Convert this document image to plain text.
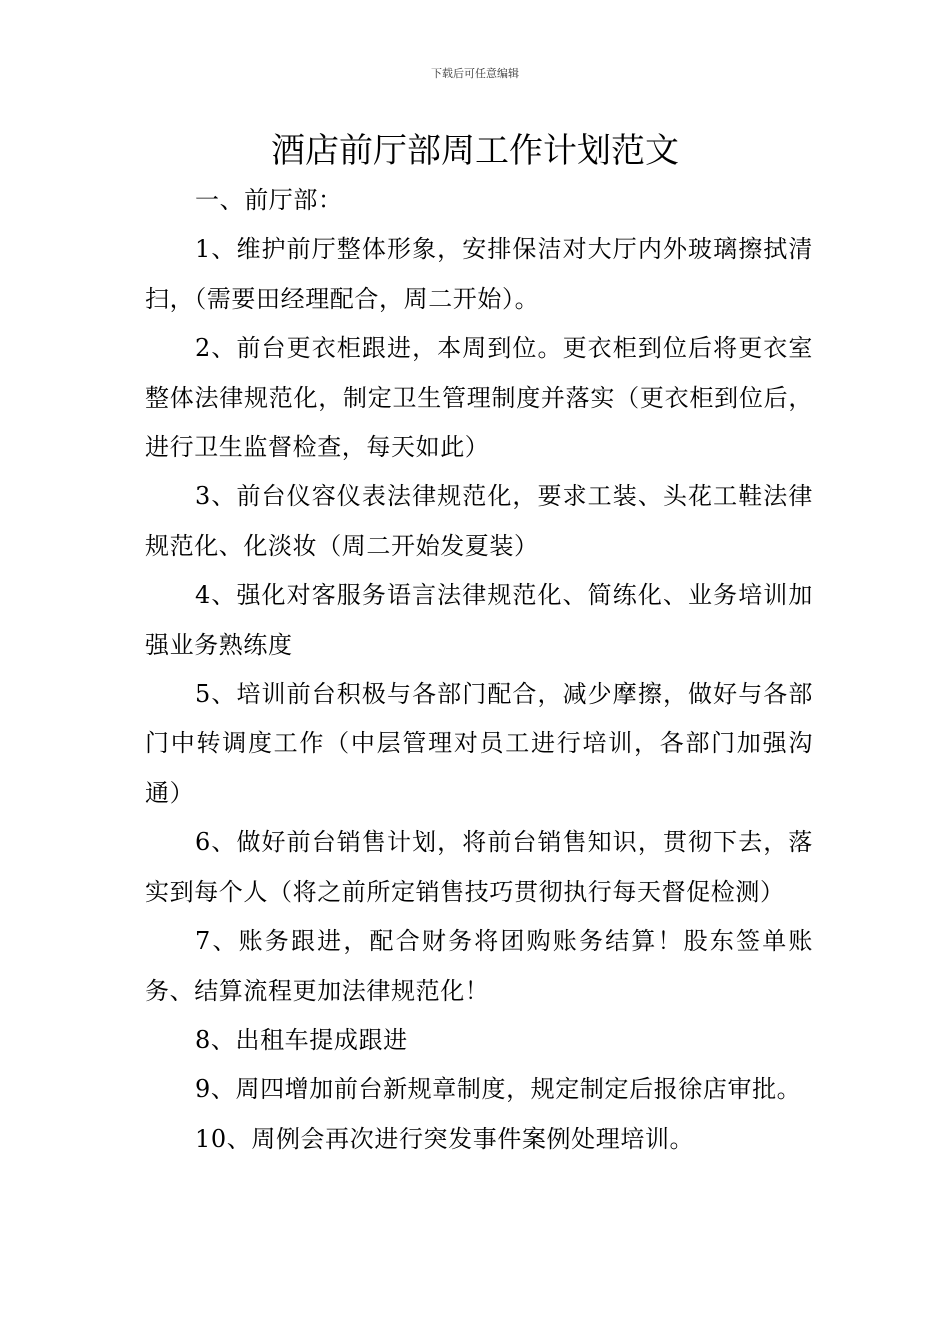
下载后可任意编辑
酒店前厅部周工作计划范文

一、前厅部：

1、维护前厅整体形象，安排保洁对大厅内外玻璃擦拭清扫，（需要田经理配合，周二开始）。

2、前台更衣柜跟进，本周到位。更衣柜到位后将更衣室整体法律规范化，制定卫生管理制度并落实（更衣柜到位后，进行卫生监督检查，每天如此）

3、前台仪容仪表法律规范化，要求工装、头花工鞋法律规范化、化淡妆（周二开始发夏装）

4、强化对客服务语言法律规范化、简练化、业务培训加强业务熟练度

5、培训前台积极与各部门配合，减少摩擦，做好与各部门中转调度工作（中层管理对员工进行培训，各部门加强沟通）

6、做好前台销售计划，将前台销售知识，贯彻下去，落实到每个人（将之前所定销售技巧贯彻执行每天督促检测）

7、账务跟进，配合财务将团购账务结算！股东签单账务、结算流程更加法律规范化！

8、出租车提成跟进

9、周四增加前台新规章制度，规定制定后报徐店审批。

10、周例会再次进行突发事件案例处理培训。
